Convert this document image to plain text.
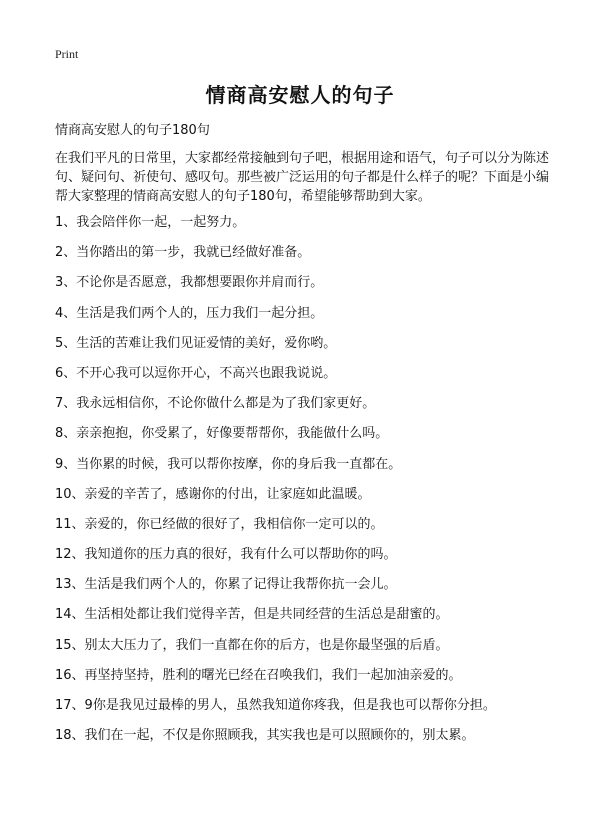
Print
情商高安慰人的句子
情商高安慰人的句子180句
在我们平凡的日常里，大家都经常接触到句子吧，根据用途和语气，句子可以分为陈述句、疑问句、祈使句、感叹句。那些被广泛运用的句子都是什么样子的呢？下面是小编帮大家整理的情商高安慰人的句子180句，希望能够帮助到大家。
1、我会陪伴你一起，一起努力。
2、当你踏出的第一步，我就已经做好准备。
3、不论你是否愿意，我都想要跟你并肩而行。
4、生活是我们两个人的，压力我们一起分担。
5、生活的苦难让我们见证爱情的美好，爱你哟。
6、不开心我可以逗你开心，不高兴也跟我说说。
7、我永远相信你，不论你做什么都是为了我们家更好。
8、亲亲抱抱，你受累了，好像要帮帮你，我能做什么吗。
9、当你累的时候，我可以帮你按摩，你的身后我一直都在。
10、亲爱的辛苦了，感谢你的付出，让家庭如此温暖。
11、亲爱的，你已经做的很好了，我相信你一定可以的。
12、我知道你的压力真的很好，我有什么可以帮助你的吗。
13、生活是我们两个人的，你累了记得让我帮你抗一会儿。
14、生活相处都让我们觉得辛苦，但是共同经营的生活总是甜蜜的。
15、别太大压力了，我们一直都在你的后方，也是你最坚强的后盾。
16、再坚持坚持，胜利的曙光已经在召唤我们，我们一起加油亲爱的。
17、9你是我见过最棒的男人，虽然我知道你疼我，但是我也可以帮你分担。
18、我们在一起，不仅是你照顾我，其实我也是可以照顾你的，别太累。
